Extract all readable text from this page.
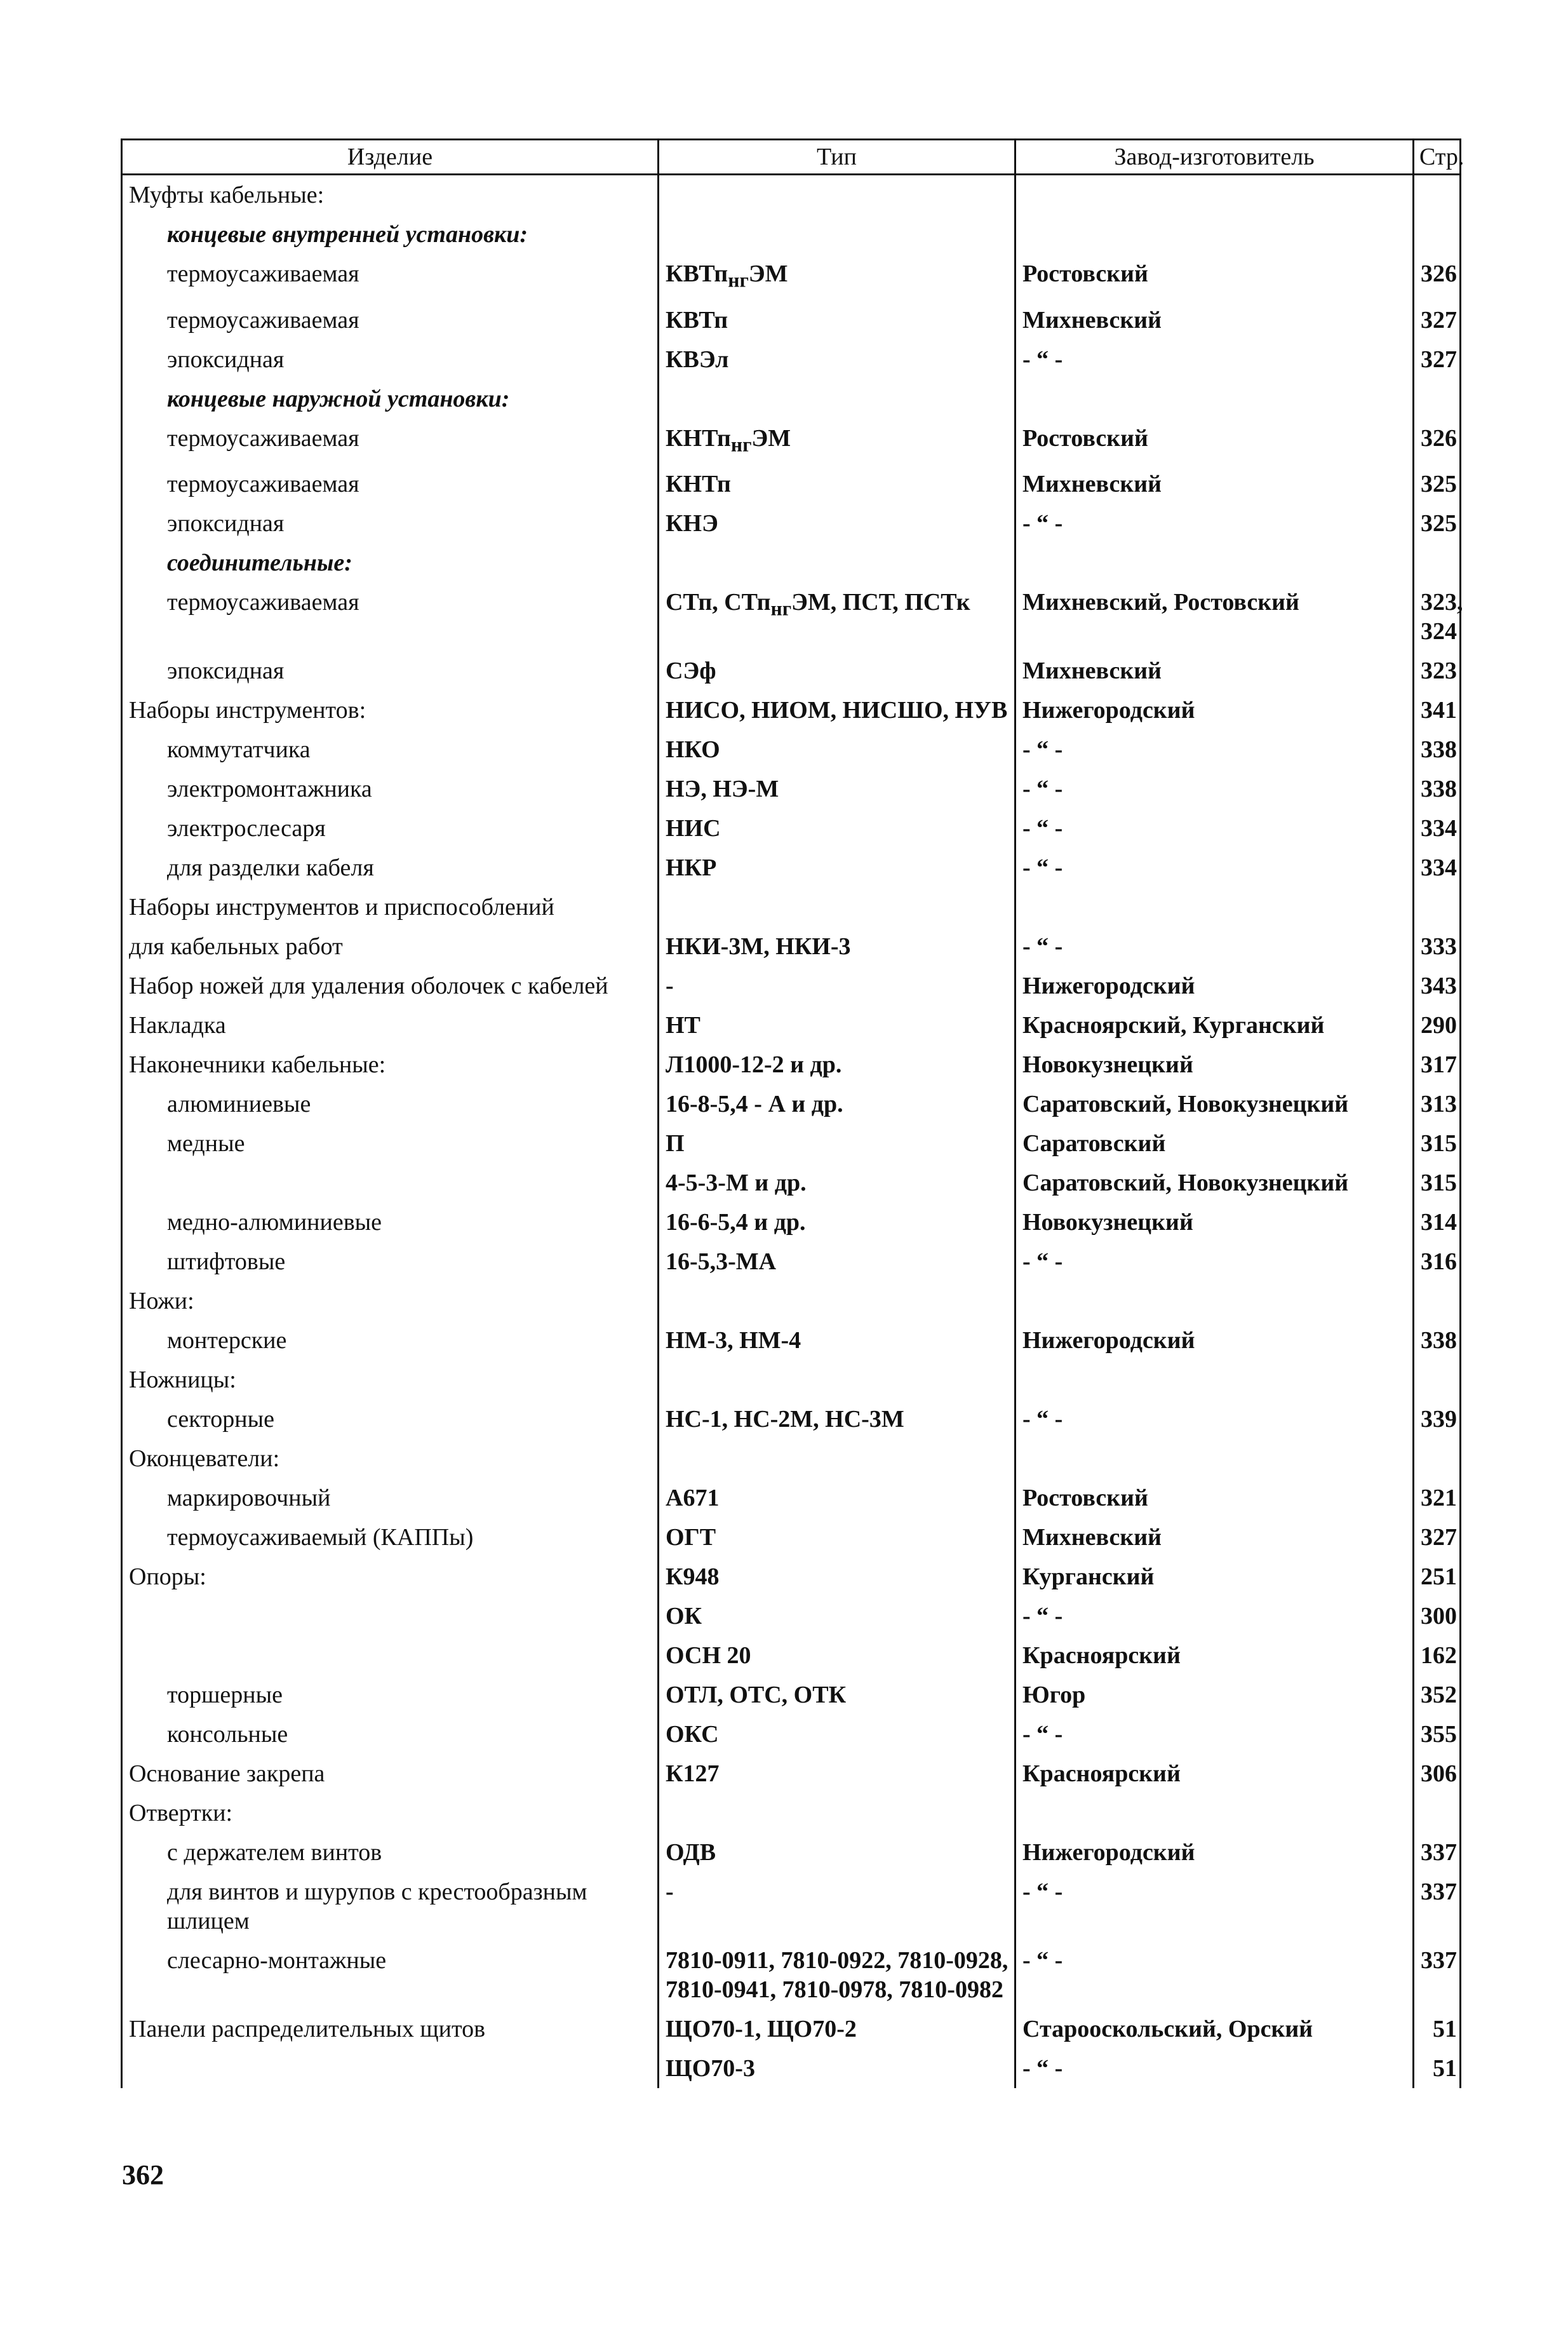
Изделие	Тип	Завод-изготовитель	Стр.
Муфты кабельные:			
концевые внутренней установки:			
термоусаживаемая	КВТп$_{нг}$ЭМ	Ростовский	326
термоусаживаемая	КВТп	Михневский	327
эпоксидная	КВЭл	- “ -	327
концевые наружной установки:			
термоусаживаемая	КНТп$_{нг}$ЭМ	Ростовский	326
термоусаживаемая	КНТп	Михневский	325
эпоксидная	КНЭ	- “ -	325
соединительные:			
термоусаживаемая	СТп, СТп$_{нг}$ЭМ, ПСТ, ПСТк	Михневский, Ростовский	323, 324
эпоксидная	СЭф	Михневский	323
Наборы инструментов:	НИСО, НИОМ, НИСШО, НУВ	Нижегородский	341
коммутатчика	НКО	- “ -	338
электромонтажника	НЭ, НЭ-М	- “ -	338
электрослесаря	НИС	- “ -	334
для разделки кабеля	НКР	- “ -	334
Наборы инструментов и приспособлений			
для кабельных работ	НКИ-3М, НКИ-3	- “ -	333
Набор ножей для удаления оболочек с кабелей	-	Нижегородский	343
Накладка	НТ	Красноярский, Курганский	290
Наконечники кабельные:	Л1000-12-2 и др.	Новокузнецкий	317
алюминиевые	16-8-5,4 - А и др.	Саратовский, Новокузнецкий	313
медные	П	Саратовский	315
	4-5-3-М и др.	Саратовский, Новокузнецкий	315
медно-алюминиевые	16-6-5,4 и др.	Новокузнецкий	314
штифтовые	16-5,3-МА	- “ -	316
Ножи:			
монтерские	НМ-3, НМ-4	Нижегородский	338
Ножницы:			
секторные	НС-1, НС-2М, НС-3М	- “ -	339
Оконцеватели:			
маркировочный	А671	Ростовский	321
термоусаживаемый (КАППы)	ОГТ	Михневский	327
Опоры:	К948	Курганский	251
	ОК	- “ -	300
	ОСН 20	Красноярский	162
торшерные	ОТЛ, ОТС, ОТК	Югор	352
консольные	ОКС	- “ -	355
Основание закрепа	К127	Красноярский	306
Отвертки:			
с держателем винтов	ОДВ	Нижегородский	337
для винтов и шурупов с крестообразным шлицем	-	- “ -	337
слесарно-монтажные	7810-0911, 7810-0922, 7810-0928, 7810-0941, 7810-0978, 7810-0982	- “ -	337
Панели распределительных щитов	ЩО70-1, ЩО70-2	Старооскольский, Орский	51
	ЩО70-3	- “ -	51
362
